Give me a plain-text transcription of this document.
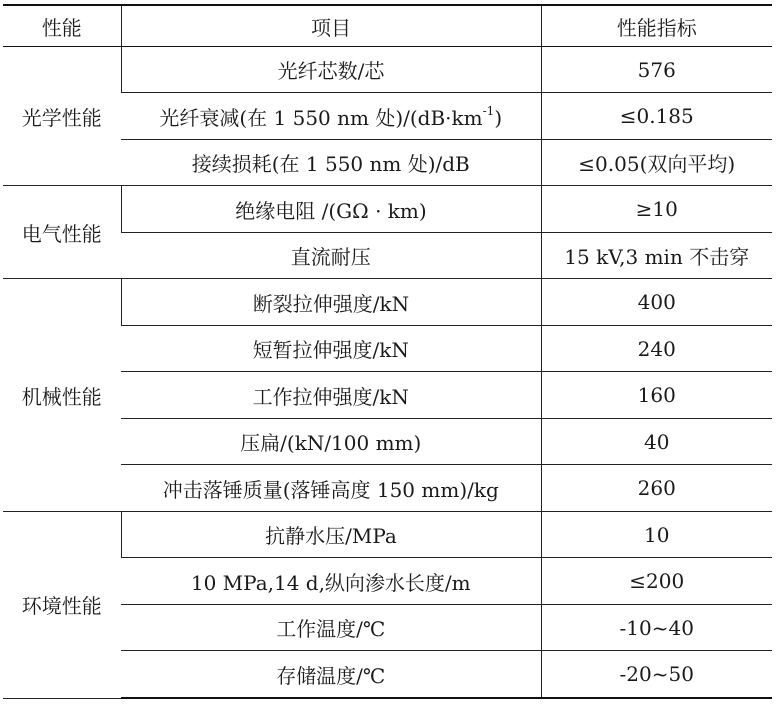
性能	项目	性能指标
光学性能	光纤芯数/芯	576
	光纤衰减(在 1 550 nm 处)$/(dB\cdot km^{-1})$	≤0.185
	接续损耗(在 1 550 nm 处)/dB	≤0.05(双向平均)
电气性能	绝缘电阻 /(GΩ · km)	≥10
	直流耐压	15 kV,3 min 不击穿
机械性能	断裂拉伸强度/kN	400
	短暂拉伸强度/kN	240
	工作拉伸强度/kN	160
	压扁/(kN/100 mm)	40
	冲击落锤质量(落锤高度 150 mm)/kg	260
环境性能	抗静水压/MPa	10
	10 MPa,14 d,纵向渗水长度/m	≤200
	工作温度/℃	-10~40
	存储温度/℃	-20~50
